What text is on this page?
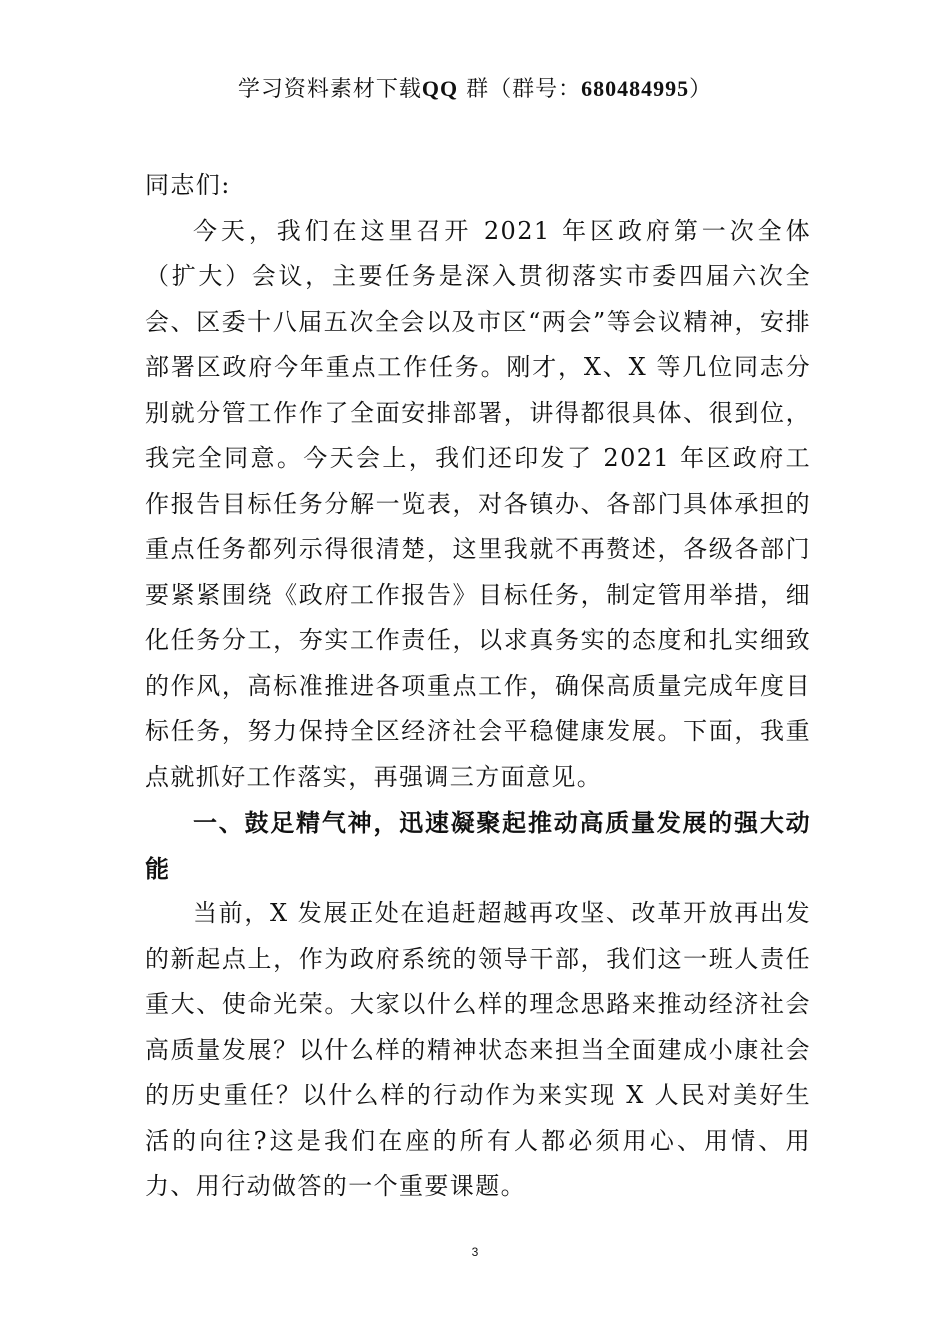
学习资料素材下载QQ 群（群号：680484995）

同志们:

今天，我们在这里召开 2021 年区政府第一次全体（扩大）会议，主要任务是深入贯彻落实市委四届六次全会、区委十八届五次全会以及市区“两会”等会议精神，安排部署区政府今年重点工作任务。刚才，X、X 等几位同志分别就分管工作作了全面安排部署，讲得都很具体、很到位，我完全同意。今天会上，我们还印发了 2021 年区政府工作报告目标任务分解一览表，对各镇办、各部门具体承担的重点任务都列示得很清楚，这里我就不再赘述，各级各部门要紧紧围绕《政府工作报告》目标任务，制定管用举措，细化任务分工，夯实工作责任，以求真务实的态度和扎实细致的作风，高标准推进各项重点工作，确保高质量完成年度目标任务，努力保持全区经济社会平稳健康发展。下面，我重点就抓好工作落实，再强调三方面意见。

一、鼓足精气神，迅速凝聚起推动高质量发展的强大动能

当前，X 发展正处在追赶超越再攻坚、改革开放再出发的新起点上，作为政府系统的领导干部，我们这一班人责任重大、使命光荣。大家以什么样的理念思路来推动经济社会高质量发展？以什么样的精神状态来担当全面建成小康社会的历史重任？以什么样的行动作为来实现 X 人民对美好生活的向往?这是我们在座的所有人都必须用心、用情、用力、用行动做答的一个重要课题。

3
